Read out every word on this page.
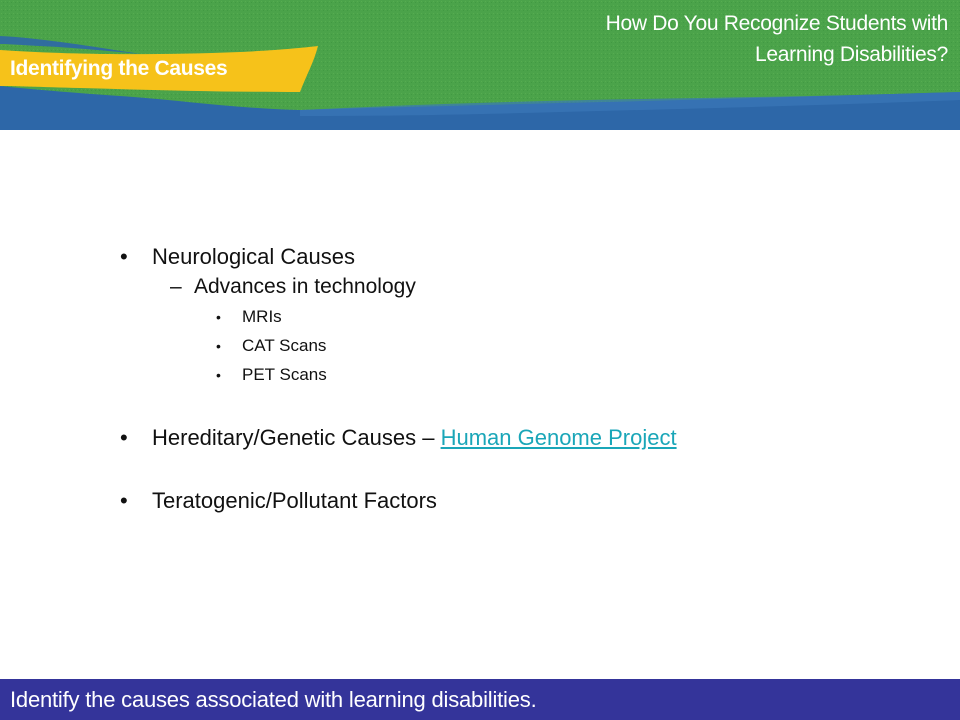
How Do You Recognize Students with
Learning Disabilities?
Identifying the Causes
• Neurological Causes
– Advances in technology
• MRIs
• CAT Scans
• PET Scans
• Hereditary/Genetic Causes – Human Genome Project
• Teratogenic/Pollutant Factors
Identify the causes associated with learning disabilities.
